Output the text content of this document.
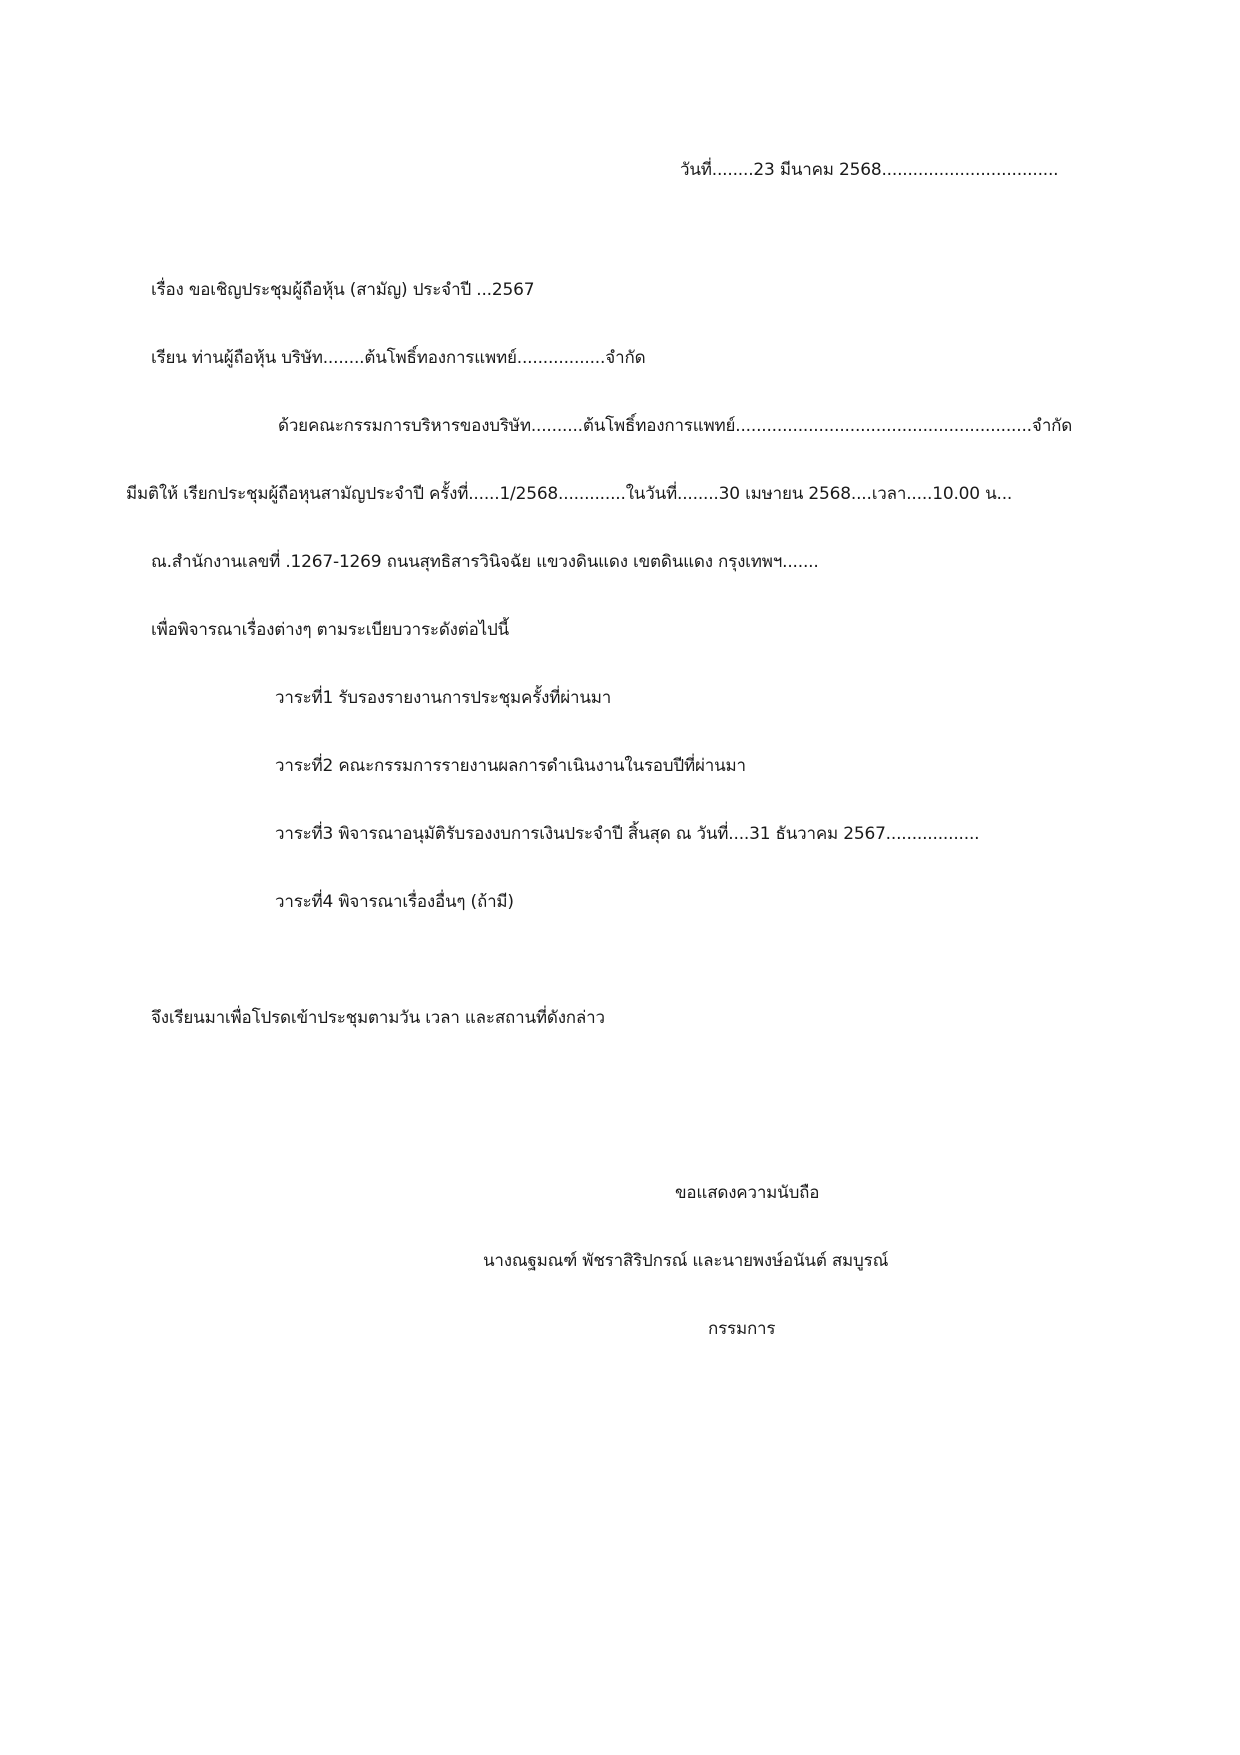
วันที่........23 มีนาคม 2568..................................
เรื่อง ขอเชิญประชุมผู้ถือหุ้น (สามัญ) ประจำปี ...2567
เรียน ท่านผู้ถือหุ้น บริษัท........ต้นโพธิ์ทองการแพทย์.................จำกัด
ด้วยคณะกรรมการบริหารของบริษัท..........ต้นโพธิ์ทองการแพทย์.........................................................จำกัด
มีมติให้ เรียกประชุมผู้ถือหุนสามัญประจำปี ครั้งที่......1/2568.............ในวันที่........30 เมษายน 2568....เวลา.....10.00 น...
ณ.สำนักงานเลขที่ .1267-1269 ถนนสุทธิสารวินิจฉัย แขวงดินแดง เขตดินแดง กรุงเทพฯ.......
เพื่อพิจารณาเรื่องต่างๆ ตามระเบียบวาระดังต่อไปนี้
วาระที่1 รับรองรายงานการประชุมครั้งที่ผ่านมา
วาระที่2 คณะกรรมการรายงานผลการดำเนินงานในรอบปีที่ผ่านมา
วาระที่3 พิจารณาอนุมัติรับรองงบการเงินประจำปี สิ้นสุด ณ วันที่....31 ธันวาคม 2567..................
วาระที่4 พิจารณาเรื่องอื่นๆ (ถ้ามี)
จึงเรียนมาเพื่อโปรดเข้าประชุมตามวัน เวลา และสถานที่ดังกล่าว
ขอแสดงความนับถือ
นางณฐมณฑ์ พัชราสิริปกรณ์ และนายพงษ์อนันต์ สมบูรณ์
กรรมการ
